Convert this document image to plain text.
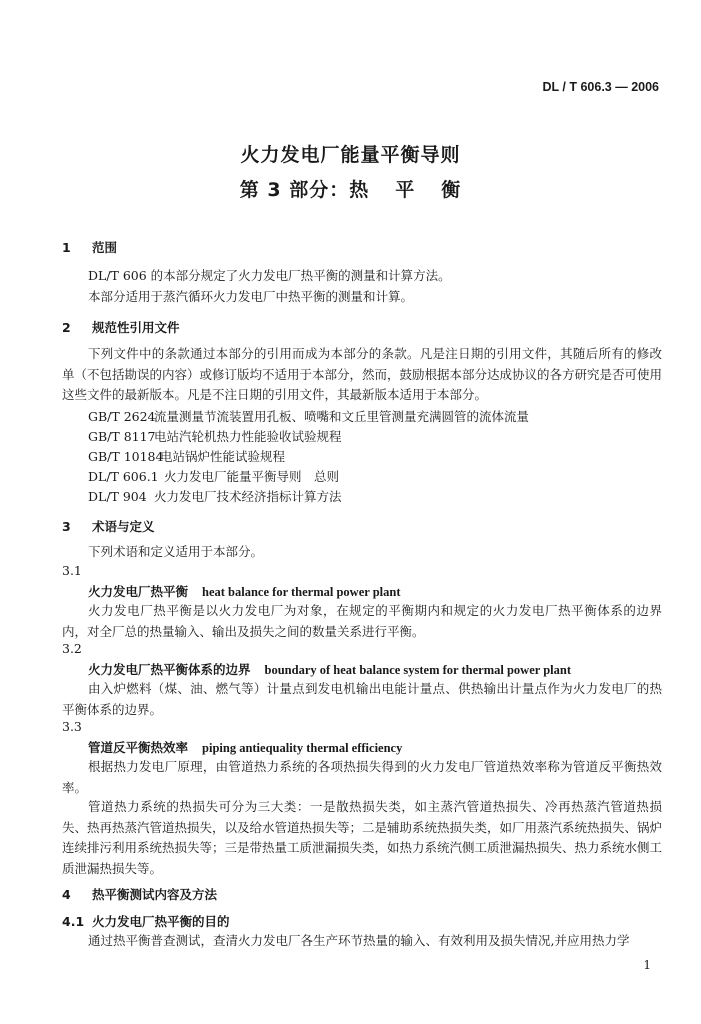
DL / T 606.3 — 2006
火力发电厂能量平衡导则
第 3 部分：热 平 衡
1 范围
DL/T 606 的本部分规定了火力发电厂热平衡的测量和计算方法。
本部分适用于蒸汽循环火力发电厂中热平衡的测量和计算。
2 规范性引用文件
下列文件中的条款通过本部分的引用而成为本部分的条款。凡是注日期的引用文件，其随后所有的修改单（不包括勘误的内容）或修订版均不适用于本部分，然而，鼓励根据本部分达成协议的各方研究是否可使用这些文件的最新版本。凡是不注日期的引用文件，其最新版本适用于本部分。
GB/T 2624流量测量节流装置用孔板、喷嘴和文丘里管测量充满圆管的流体流量
GB/T 8117电站汽轮机热力性能验收试验规程
GB/T 10184电站锅炉性能试验规程
DL/T 606.1 火力发电厂能量平衡导则　总则
DL/T 904 火力发电厂技术经济指标计算方法
3 术语与定义
下列术语和定义适用于本部分。
3.1
火力发电厂热平衡 heat balance for thermal power plant
火力发电厂热平衡是以火力发电厂为对象，在规定的平衡期内和规定的火力发电厂热平衡体系的边界内，对全厂总的热量输入、输出及损失之间的数量关系进行平衡。
3.2
火力发电厂热平衡体系的边界 boundary of heat balance system for thermal power plant
由入炉燃料（煤、油、燃气等）计量点到发电机输出电能计量点、供热输出计量点作为火力发电厂的热平衡体系的边界。
3.3
管道反平衡热效率 piping antiequality thermal efficiency
根据热力发电厂原理，由管道热力系统的各项热损失得到的火力发电厂管道热效率称为管道反平衡热效率。
管道热力系统的热损失可分为三大类：一是散热损失类，如主蒸汽管道热损失、冷再热蒸汽管道热损失、热再热蒸汽管道热损失，以及给水管道热损失等；二是辅助系统热损失类，如厂用蒸汽系统热损失、锅炉连续排污利用系统热损失等；三是带热量工质泄漏损失类，如热力系统汽侧工质泄漏热损失、热力系统水侧工质泄漏热损失等。
4 热平衡测试内容及方法
4.1 火力发电厂热平衡的目的
通过热平衡普查测试，查清火力发电厂各生产环节热量的输入、有效利用及损失情况,并应用热力学
1
